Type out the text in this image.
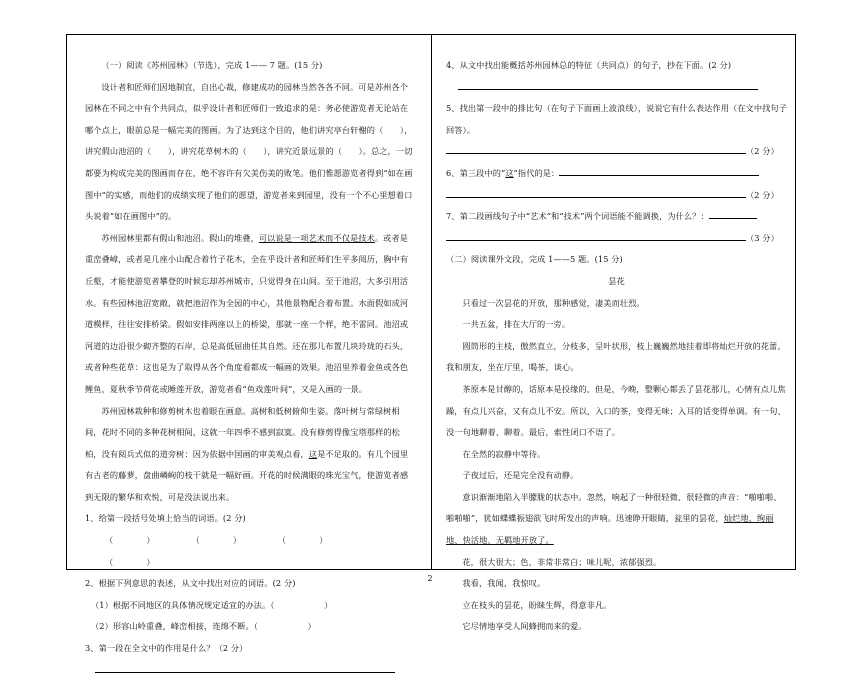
（一）阅读《苏州园林》（节选），完成 1—— 7 题。(15 分)

设计者和匠师们因地制宜，自出心裁，修建成功的园林当然各各不同。可是苏州各个园林在不同之中有个共同点，似乎设计者和匠师们一致追求的是：务必使游览者无论站在哪个点上，眼前总是一幅完美的图画。为了达到这个目的，他们讲究亭台轩榭的（　　），讲究假山池沼的（　　），讲究花草树木的（　　），讲究近景远景的（　　）。总之，一切都要为构成完美的图画而存在，绝不容许有欠美伤美的败笔。他们惟愿游览者得到“如在画图中”的实感，而他们的成绩实现了他们的愿望，游览者来到园里，没有一个不心里想着口头说着“如在画图中”的。

苏州园林里都有假山和池沼。假山的堆叠，可以说是一项艺术而不仅是技术。或者是重峦叠嶂，或者是几座小山配合着竹子花木，全在乎设计者和匠师们生平多阅历，胸中有丘壑，才能使游览者攀登的时候忘却苏州城市，只觉得身在山间。至于池沼，大多引用活水。有些园林池沼宽敞，就把池沼作为全园的中心，其他景物配合着布置。水面假如成河道模样，往往安排桥梁。假如安排两座以上的桥梁，那就一座一个样，绝不雷同。池沼或河道的边沿很少砌齐整的石岸，总是高低屈曲任其自然。还在那儿布置几块玲珑的石头，或者种些花草：这也是为了取得从各个角度看都成一幅画的效果。池沼里养着金鱼或各色鲤鱼，夏秋季节荷花或睡莲开放，游览者看“鱼戏莲叶间”，又是入画的一景。

苏州园林栽种和修剪树木也着眼在画意。高树和低树俯仰生姿。落叶树与常绿树相间，花时不同的多种花树相间，这就一年四季不感到寂寞。没有修剪得像宝塔那样的松柏，没有阅兵式似的道旁树：因为依据中国画的审美观点看，这是不足取的。有几个园里有古老的藤萝，盘曲嶙峋的枝干就是一幅好画。开花的时候满眼的珠光宝气，使游览者感到无限的繁华和欢悦，可是没法说出来。

1、给第一段括号处填上恰当的词语。(2 分)

（　　　　）	（　　　　）	（　　　　） （　　　　）

2、根据下列意思的表述，从文中找出对应的词语。(2 分)

（1）根据不同地区的具体情况规定适宜的办法。（　　　　　　）

（2）形容山岭重叠，峰峦相接，连绵不断。（　　　　　　）

3、第一段在全文中的作用是什么？（2 分）

4、从文中找出能概括苏州园林总的特征（共同点）的句子，抄在下面。(2 分)

5、找出第一段中的排比句（在句子下面画上波浪线），说说它有什么表达作用（在文中找句子回答）。

（2 分）

6、第三段中的“这”指代的是：

（2 分）

7、第二段画线句子中“艺术”和“技术”两个词语能不能调换，为什么？：

（3 分）

（二）阅读课外文段，完成 1——5 题。(15 分)

昙花

只看过一次昙花的开放，那种感觉，凄美而壮烈。

一共五盆，排在大厅的一旁。

圆筒形的主枝，傲然直立，分枝多，呈叶状形，枝上巍巍然地挂着即将灿烂开放的花蕾。我和朋友，坐在厅里，喝茶，谈心。

茶原本是甘醇的，话原本是投缘的，但是，今晚，整颗心都丢了昙花那儿，心情有点儿焦躁，有点儿兴奋，又有点儿不安。所以，入口的茶，变得无味；入耳的话变得单调。有一句、没一句地聊着、聊着。最后，索性闭口不语了。

在全然的寂静中等待。

子夜过后，还是完全没有动静。

意识渐渐地陷入半朦胧的状态中。忽然，响起了一种很轻微、很轻微的声音：“啪啪啪、啪啪啪”，犹如蝶蝶振翅欲飞时所发出的声响。迅速睁开眼睛，瓮里的昙花，灿烂地、绚丽地、快活地、无羁地开放了。

花，很大很大；色，非常非常白；味儿呢，浓郁强烈。

我看，我闻，我惊叹。

立在枝头的昙花，盼睐生辉，得意非凡。

它尽情地享受人间蜂拥而来的爱。

2
